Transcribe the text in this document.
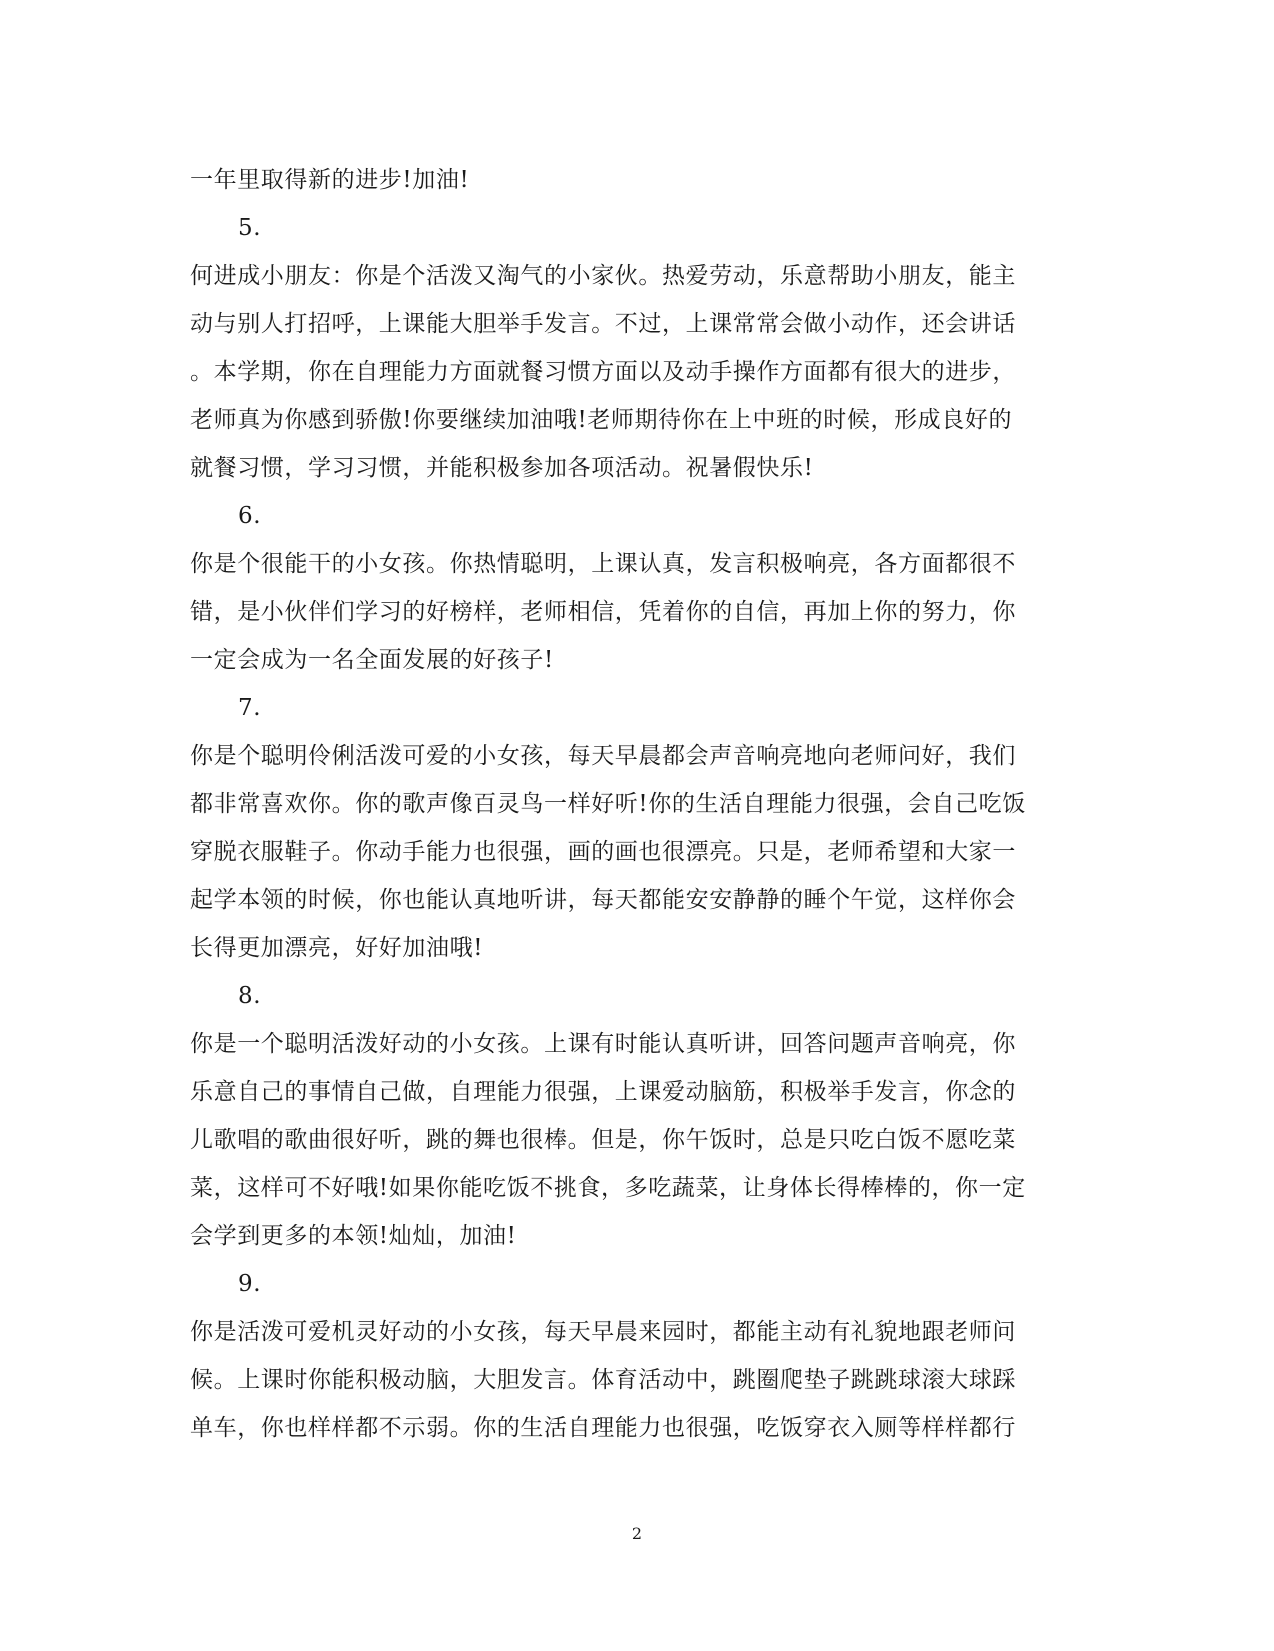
一年里取得新的进步!加油!
5.
何进成小朋友：你是个活泼又淘气的小家伙。热爱劳动，乐意帮助小朋友，能主
动与别人打招呼，上课能大胆举手发言。不过，上课常常会做小动作，还会讲话
。本学期，你在自理能力方面就餐习惯方面以及动手操作方面都有很大的进步，
老师真为你感到骄傲!你要继续加油哦!老师期待你在上中班的时候，形成良好的
就餐习惯，学习习惯，并能积极参加各项活动。祝暑假快乐!
6.
你是个很能干的小女孩。你热情聪明，上课认真，发言积极响亮，各方面都很不
错，是小伙伴们学习的好榜样，老师相信，凭着你的自信，再加上你的努力，你
一定会成为一名全面发展的好孩子!
7.
你是个聪明伶俐活泼可爱的小女孩，每天早晨都会声音响亮地向老师问好，我们
都非常喜欢你。你的歌声像百灵鸟一样好听!你的生活自理能力很强，会自己吃饭
穿脱衣服鞋子。你动手能力也很强，画的画也很漂亮。只是，老师希望和大家一
起学本领的时候，你也能认真地听讲，每天都能安安静静的睡个午觉，这样你会
长得更加漂亮，好好加油哦!
8.
你是一个聪明活泼好动的小女孩。上课有时能认真听讲，回答问题声音响亮，你
乐意自己的事情自己做，自理能力很强，上课爱动脑筋，积极举手发言，你念的
儿歌唱的歌曲很好听，跳的舞也很棒。但是，你午饭时，总是只吃白饭不愿吃菜
菜，这样可不好哦!如果你能吃饭不挑食，多吃蔬菜，让身体长得棒棒的，你一定
会学到更多的本领!灿灿，加油!
9.
你是活泼可爱机灵好动的小女孩，每天早晨来园时，都能主动有礼貌地跟老师问
候。上课时你能积极动脑，大胆发言。体育活动中，跳圈爬垫子跳跳球滚大球踩
单车，你也样样都不示弱。你的生活自理能力也很强，吃饭穿衣入厕等样样都行
2
